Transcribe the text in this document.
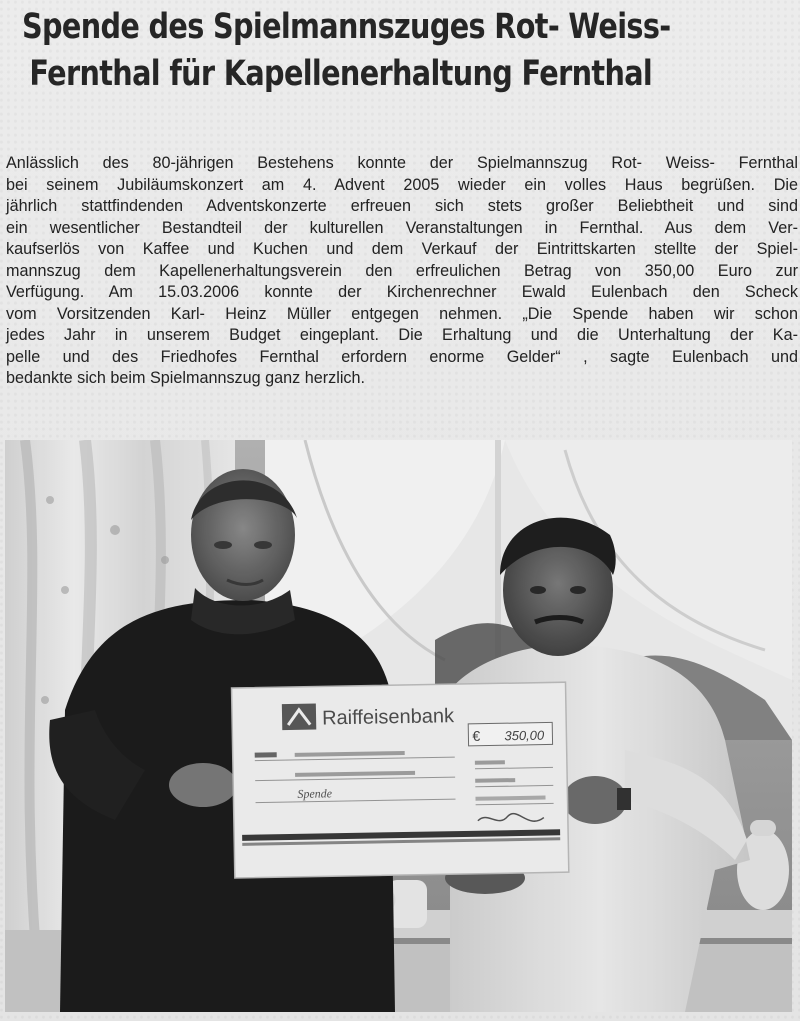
Spende des Spielmannszuges Rot- Weiss-
Fernthal für Kapellenerhaltung Fernthal

Anlässlich des 80-jährigen Bestehens konnte der Spielmannszug Rot- Weiss- Fernthal
bei seinem Jubiläumskonzert am 4. Advent 2005 wieder ein volles Haus begrüßen. Die
jährlich stattfindenden Adventskonzerte erfreuen sich stets großer Beliebtheit und sind
ein wesentlicher Bestandteil der kulturellen Veranstaltungen in Fernthal. Aus dem Ver-
kaufserlös von Kaffee und Kuchen und dem Verkauf der Eintrittskarten stellte der Spiel-
mannszug dem Kapellenerhaltungsverein den erfreulichen Betrag von 350,00 Euro zur
Verfügung. Am 15.03.2006 konnte der Kirchenrechner Ewald Eulenbach den Scheck
vom Vorsitzenden Karl- Heinz Müller entgegen nehmen. „Die Spende haben wir schon
jedes Jahr in unserem Budget eingeplant. Die Erhaltung und die Unterhaltung der Ka-
pelle und des Friedhofes Fernthal erfordern enorme Gelder“ , sagte Eulenbach und
bedankte sich beim Spielmannszug ganz herzlich.

Raiffeisenbank
€ 350,00
Spende
